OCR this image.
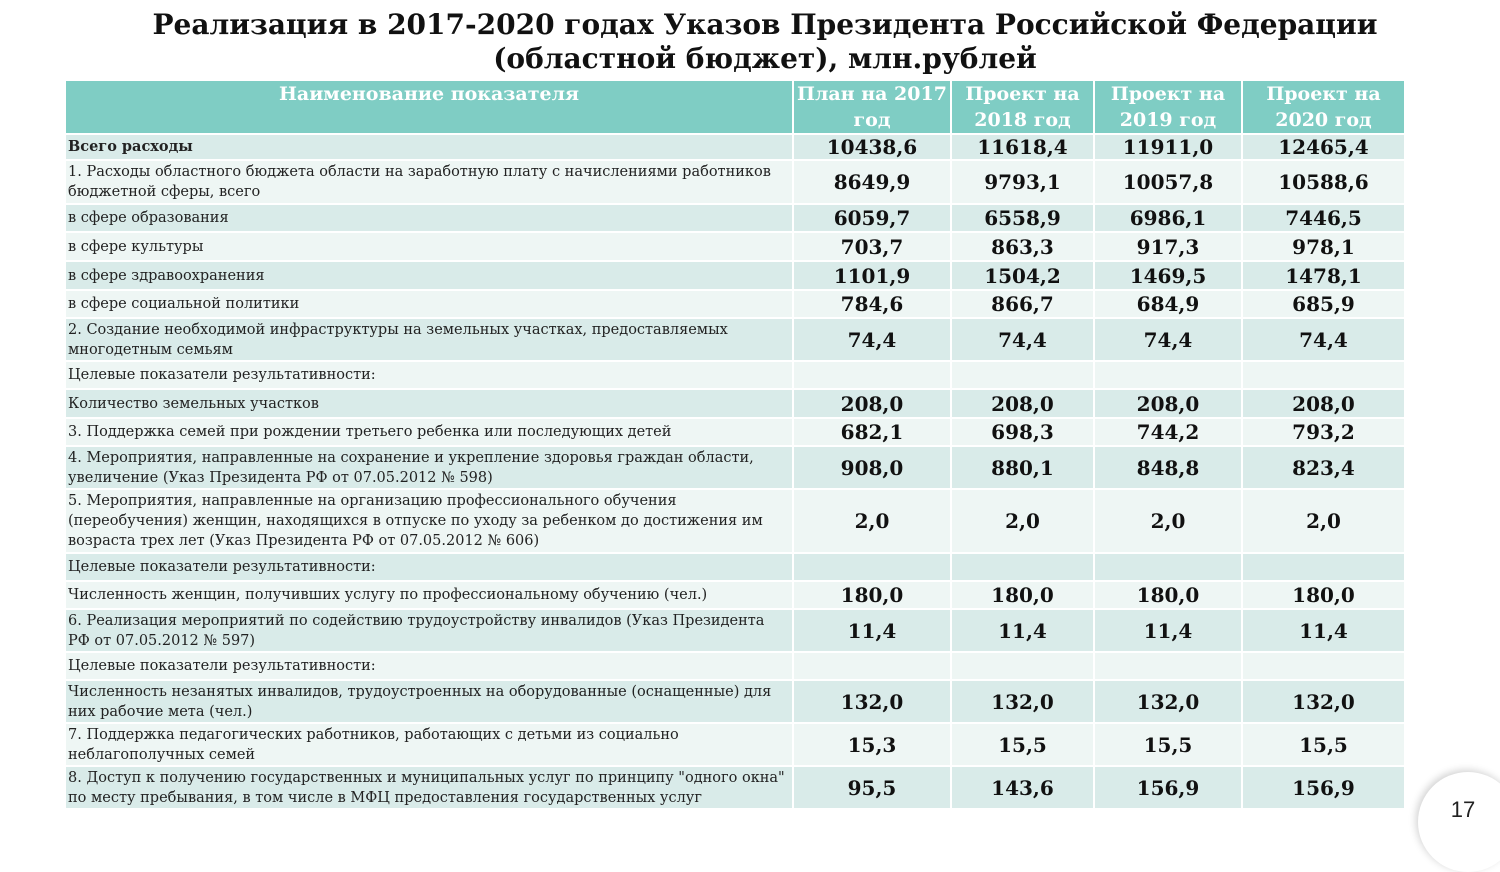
Реализация в 2017-2020 годах Указов Президента Российской Федерации
(областной бюджет), млн.рублей
Наименование показателя	План на 2017 год	Проект на 2018 год	Проект на 2019 год	Проект на 2020 год
Всего расходы	10438,6	11618,4	11911,0	12465,4
1. Расходы областного бюджета области на заработную плату с начислениями работников бюджетной сферы, всего	8649,9	9793,1	10057,8	10588,6
в сфере образования	6059,7	6558,9	6986,1	7446,5
в сфере культуры	703,7	863,3	917,3	978,1
в сфере здравоохранения	1101,9	1504,2	1469,5	1478,1
в сфере социальной политики	784,6	866,7	684,9	685,9
2. Создание необходимой инфраструктуры на земельных участках, предоставляемых многодетным семьям	74,4	74,4	74,4	74,4
Целевые показатели результативности:				
Количество земельных участков	208,0	208,0	208,0	208,0
3. Поддержка семей при рождении третьего ребенка или последующих детей	682,1	698,3	744,2	793,2
4. Мероприятия, направленные на сохранение и укрепление здоровья граждан области, увеличение (Указ Президента РФ от 07.05.2012 № 598)	908,0	880,1	848,8	823,4
5. Мероприятия, направленные на организацию профессионального обучения (переобучения) женщин, находящихся в отпуске по уходу за ребенком до достижения им возраста трех лет (Указ Президента РФ от 07.05.2012 № 606)	2,0	2,0	2,0	2,0
Целевые показатели результативности:				
Численность женщин, получивших услугу по профессиональному обучению (чел.)	180,0	180,0	180,0	180,0
6. Реализация мероприятий по содействию трудоустройству инвалидов (Указ Президента РФ от 07.05.2012 № 597)	11,4	11,4	11,4	11,4
Целевые показатели результативности:				
Численность незанятых инвалидов, трудоустроенных на оборудованные (оснащенные) для них рабочие мета (чел.)	132,0	132,0	132,0	132,0
7. Поддержка педагогических работников, работающих с детьми из социально неблагополучных семей	15,3	15,5	15,5	15,5
8. Доступ к получению государственных и муниципальных услуг по принципу "одного окна" по месту пребывания, в том числе в МФЦ предоставления государственных услуг	95,5	143,6	156,9	156,9
17
